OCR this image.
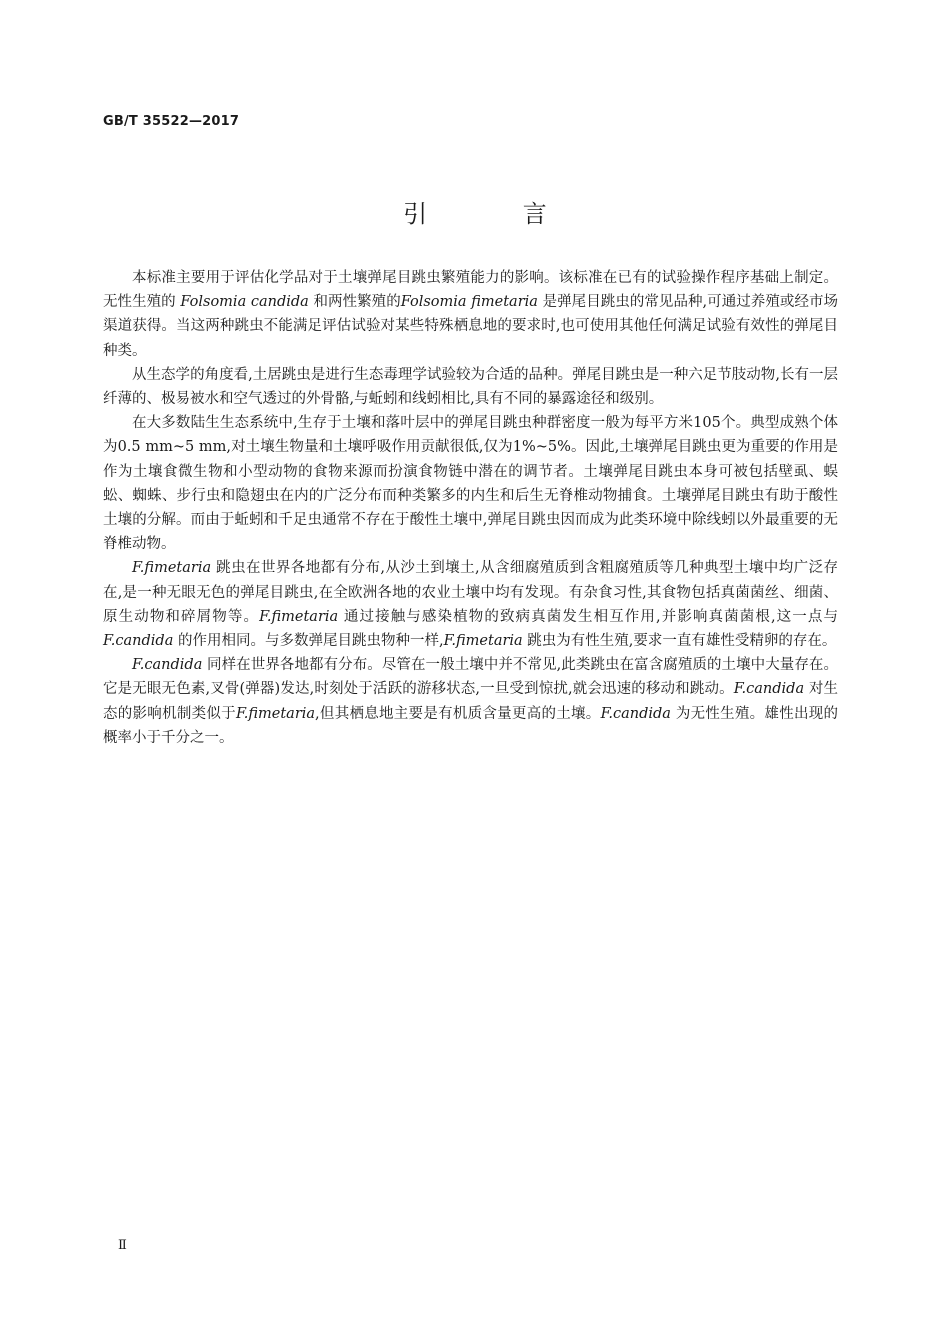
GB/T 35522—2017
引 言

本标准主要用于评估化学品对于土壤弹尾目跳虫繁殖能力的影响。该标准在已有的试验操作程序基础上制定。无性生殖的 Folsomia candida 和两性繁殖的Folsomia fimetaria 是弹尾目跳虫的常见品种,可通过养殖或经市场渠道获得。当这两种跳虫不能满足评估试验对某些特殊栖息地的要求时,也可使用其他任何满足试验有效性的弹尾目种类。

从生态学的角度看,土居跳虫是进行生态毒理学试验较为合适的品种。弹尾目跳虫是一种六足节肢动物,长有一层纤薄的、极易被水和空气透过的外骨骼,与蚯蚓和线蚓相比,具有不同的暴露途径和级别。

在大多数陆生生态系统中,生存于土壤和落叶层中的弹尾目跳虫种群密度一般为每平方米105个。典型成熟个体为0.5 mm~5 mm,对土壤生物量和土壤呼吸作用贡献很低,仅为1%~5%。因此,土壤弹尾目跳虫更为重要的作用是作为土壤食微生物和小型动物的食物来源而扮演食物链中潜在的调节者。土壤弹尾目跳虫本身可被包括壁虱、蜈蚣、蜘蛛、步行虫和隐翅虫在内的广泛分布而种类繁多的内生和后生无脊椎动物捕食。土壤弹尾目跳虫有助于酸性土壤的分解。而由于蚯蚓和千足虫通常不存在于酸性土壤中,弹尾目跳虫因而成为此类环境中除线蚓以外最重要的无脊椎动物。

F.fimetaria 跳虫在世界各地都有分布,从沙土到壤土,从含细腐殖质到含粗腐殖质等几种典型土壤中均广泛存在,是一种无眼无色的弹尾目跳虫,在全欧洲各地的农业土壤中均有发现。有杂食习性,其食物包括真菌菌丝、细菌、原生动物和碎屑物等。F.fimetaria 通过接触与感染植物的致病真菌发生相互作用,并影响真菌菌根,这一点与F.candida 的作用相同。与多数弹尾目跳虫物种一样,F.fimetaria 跳虫为有性生殖,要求一直有雄性受精卵的存在。

F.candida 同样在世界各地都有分布。尽管在一般土壤中并不常见,此类跳虫在富含腐殖质的土壤中大量存在。它是无眼无色素,叉骨(弹器)发达,时刻处于活跃的游移状态,一旦受到惊扰,就会迅速的移动和跳动。F.candida 对生态的影响机制类似于F.fimetaria,但其栖息地主要是有机质含量更高的土壤。F.candida 为无性生殖。雄性出现的概率小于千分之一。

Ⅱ
